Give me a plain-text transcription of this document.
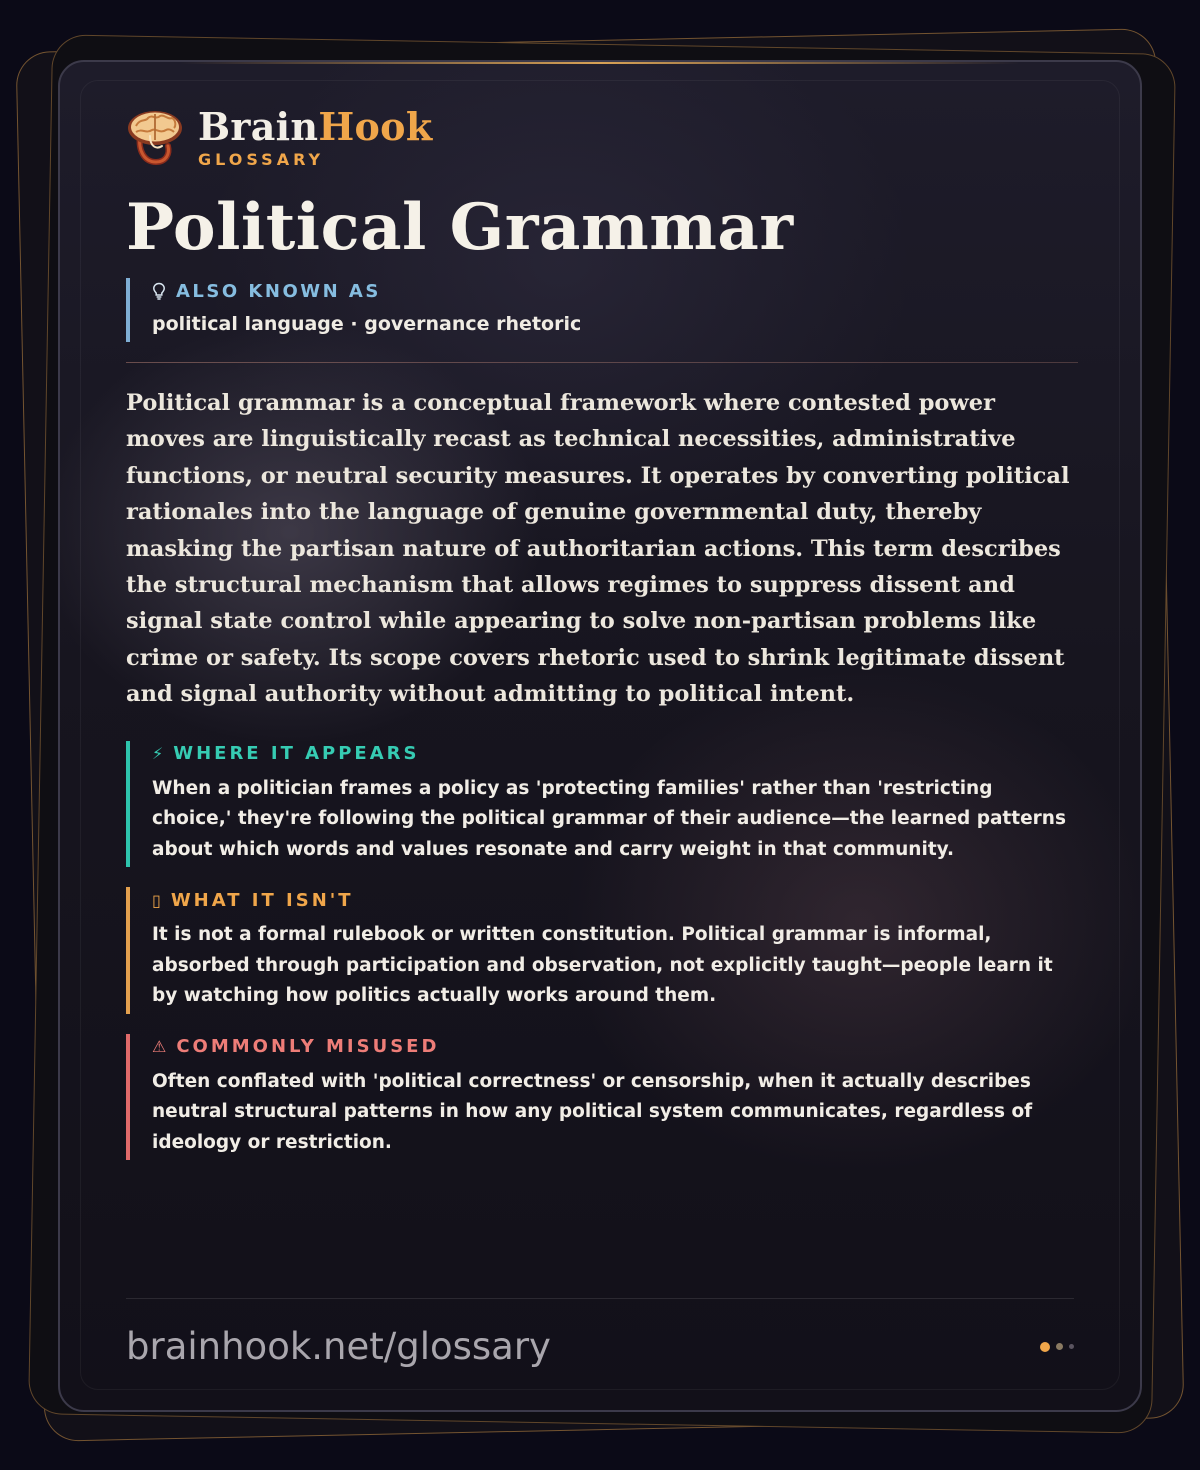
BrainHook
GLOSSARY
Political Grammar
ALSO KNOWN AS
political language · governance rhetoric

Political grammar is a conceptual framework where contested power moves are linguistically recast as technical necessities, administrative functions, or neutral security measures. It operates by converting political rationales into the language of genuine governmental duty, thereby masking the partisan nature of authoritarian actions. This term describes the structural mechanism that allows regimes to suppress dissent and signal state control while appearing to solve non-partisan problems like crime or safety. Its scope covers rhetoric used to shrink legitimate dissent and signal authority without admitting to political intent.

⚡ WHERE IT APPEARS
When a politician frames a policy as 'protecting families' rather than 'restricting choice,' they're following the political grammar of their audience—the learned patterns about which words and values resonate and carry weight in that community.
▯ WHAT IT ISN'T
It is not a formal rulebook or written constitution. Political grammar is informal, absorbed through participation and observation, not explicitly taught—people learn it by watching how politics actually works around them.
⚠ COMMONLY MISUSED
Often conflated with 'political correctness' or censorship, when it actually describes neutral structural patterns in how any political system communicates, regardless of ideology or restriction.
brainhook.net/glossary
